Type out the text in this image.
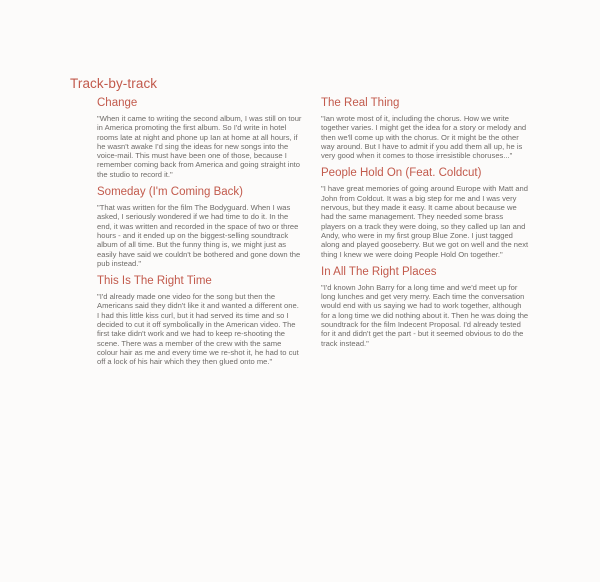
Track-by-track
Change

"When it came to writing the second album, I was still on tour in America promoting the first album. So I'd write in hotel rooms late at night and phone up Ian at home at all hours, if he wasn't awake I'd sing the ideas for new songs into the voice-mail. This must have been one of those, because I remember coming back from America and going straight into the studio to record it."

Someday (I'm Coming Back)

"That was written for the film The Bodyguard. When I was asked, I seriously wondered if we had time to do it. In the end, it was written and recorded in the space of two or three hours - and it ended up on the biggest-selling soundtrack album of all time. But the funny thing is, we might just as easily have said we couldn't be bothered and gone down the pub instead."

This Is The Right Time

"I'd already made one video for the song but then the Americans said they didn't like it and wanted a different one. I had this little kiss curl, but it had served its time and so I decided to cut it off symbolically in the American video. The first take didn't work and we had to keep re-shooting the scene. There was a member of the crew with the same colour hair as me and every time we re-shot it, he had to cut off a lock of his hair which they then glued onto me."

The Real Thing

"Ian wrote most of it, including the chorus. How we write together varies. I might get the idea for a story or melody and then we'll come up with the chorus. Or it might be the other way around. But I have to admit if you add them all up, he is very good when it comes to those irresistible choruses..."

People Hold On (Feat. Coldcut)

"I have great memories of going around Europe with Matt and John from Coldcut. It was a big step for me and I was very nervous, but they made it easy. It came about because we had the same management. They needed some brass players on a track they were doing, so they called up Ian and Andy, who were in my first group Blue Zone. I just tagged along and played gooseberry. But we got on well and the next thing I knew we were doing People Hold On together."

In All The Right Places

"I'd known John Barry for a long time and we'd meet up for long lunches and get very merry. Each time the conversation would end with us saying we had to work together, although for a long time we did nothing about it. Then he was doing the soundtrack for the film Indecent Proposal. I'd already tested for it and didn't get the part - but it seemed obvious to do the track instead."
